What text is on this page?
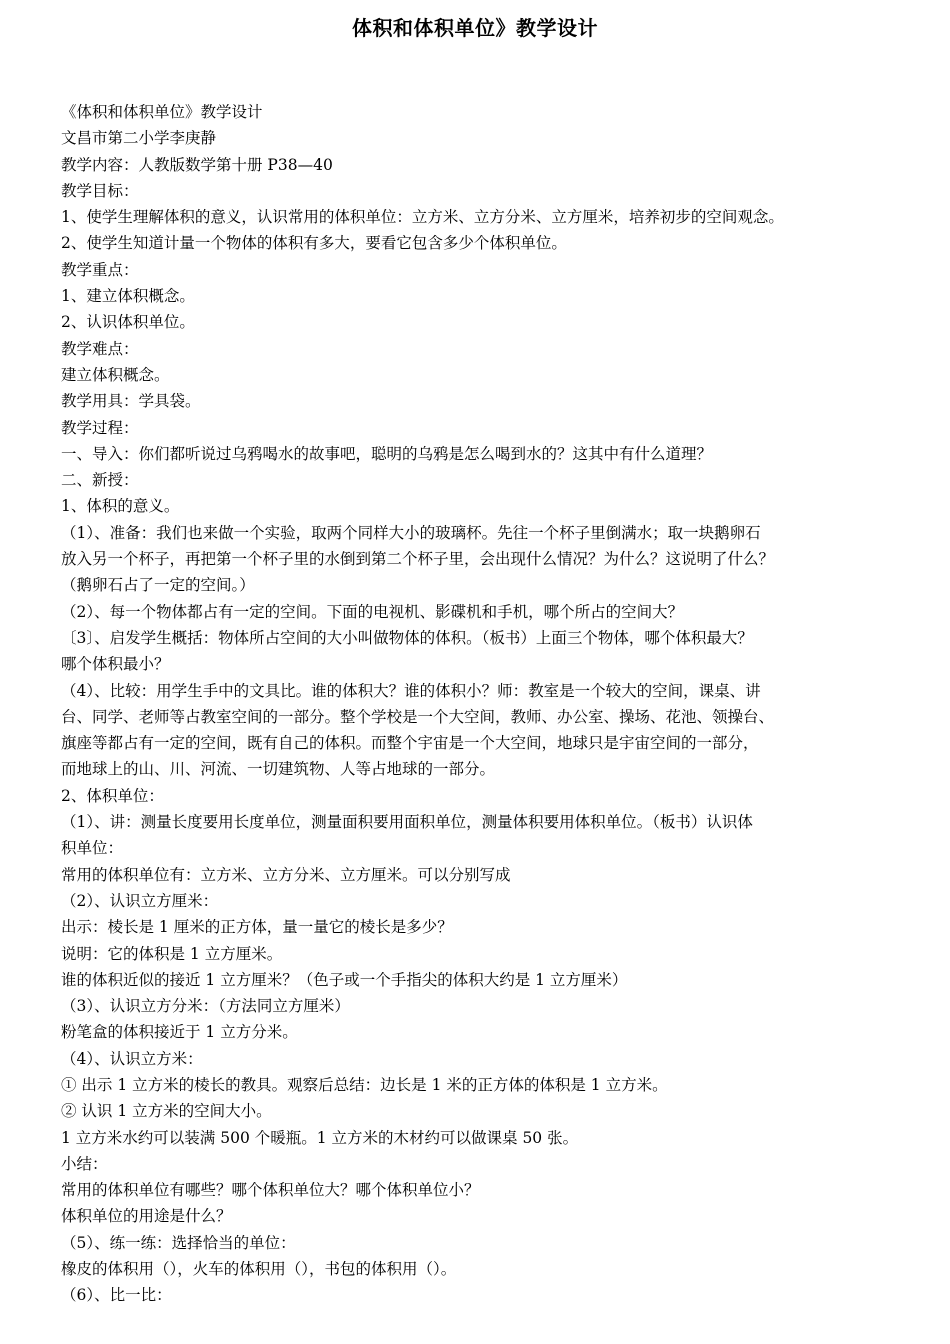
体积和体积单位》教学设计
《体积和体积单位》教学设计
文昌市第二小学李庚静
教学内容：人教版数学第十册 P38—40
教学目标：
1、使学生理解体积的意义，认识常用的体积单位：立方米、立方分米、立方厘米，培养初步的空间观念。
2、使学生知道计量一个物体的体积有多大，要看它包含多少个体积单位。
教学重点：
1、建立体积概念。
2、认识体积单位。
教学难点：
建立体积概念。
教学用具：学具袋。
教学过程：
一、导入：你们都听说过乌鸦喝水的故事吧，聪明的乌鸦是怎么喝到水的？这其中有什么道理？
二、新授：
1、体积的意义。
（1）、准备：我们也来做一个实验，取两个同样大小的玻璃杯。先往一个杯子里倒满水；取一块鹅卵石
放入另一个杯子，再把第一个杯子里的水倒到第二个杯子里，会出现什么情况？为什么？这说明了什么？
（鹅卵石占了一定的空间。）
（2）、每一个物体都占有一定的空间。下面的电视机、影碟机和手机，哪个所占的空间大？
〔3〕、启发学生概括：物体所占空间的大小叫做物体的体积。（板书）上面三个物体，哪个体积最大？
哪个体积最小？
（4）、比较：用学生手中的文具比。谁的体积大？谁的体积小？师：教室是一个较大的空间，课桌、讲
台、同学、老师等占教室空间的一部分。整个学校是一个大空间，教师、办公室、操场、花池、领操台、
旗座等都占有一定的空间，既有自己的体积。而整个宇宙是一个大空间，地球只是宇宙空间的一部分，
而地球上的山、川、河流、一切建筑物、人等占地球的一部分。
2、体积单位：
（1）、讲：测量长度要用长度单位，测量面积要用面积单位，测量体积要用体积单位。（板书）认识体
积单位：
常用的体积单位有：立方米、立方分米、立方厘米。可以分别写成
（2）、认识立方厘米：
出示：棱长是 1 厘米的正方体，量一量它的棱长是多少？
说明：它的体积是 1 立方厘米。
谁的体积近似的接近 1 立方厘米？（色子或一个手指尖的体积大约是 1 立方厘米）
（3）、认识立方分米：（方法同立方厘米）
粉笔盒的体积接近于 1 立方分米。
（4）、认识立方米：
① 出示 1 立方米的棱长的教具。观察后总结：边长是 1 米的正方体的体积是 1 立方米。
② 认识 1 立方米的空间大小。
1 立方米水约可以装满 500 个暖瓶。1 立方米的木材约可以做课桌 50 张。
小结：
常用的体积单位有哪些？哪个体积单位大？哪个体积单位小？
体积单位的用途是什么？
（5）、练一练：选择恰当的单位：
橡皮的体积用（），火车的体积用（），书包的体积用（）。
（6）、比一比：
